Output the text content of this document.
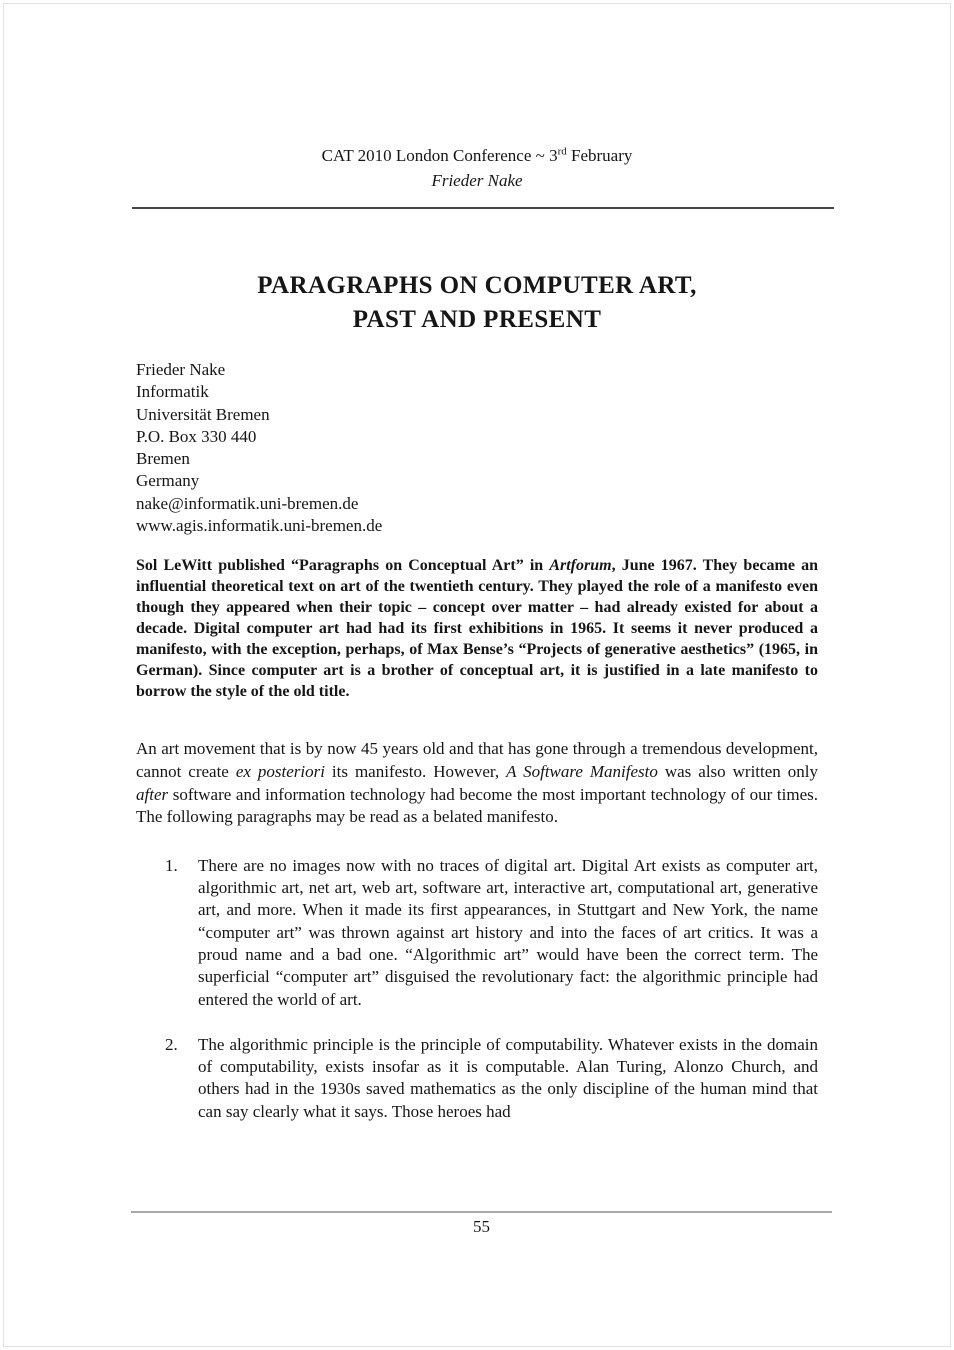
CAT 2010 London Conference ~ 3rd February
Frieder Nake
PARAGRAPHS ON COMPUTER ART,
PAST AND PRESENT
Frieder Nake
Informatik
Universität Bremen
P.O. Box 330 440
Bremen
Germany
nake@informatik.uni-bremen.de
www.agis.informatik.uni-bremen.de

Sol LeWitt published “Paragraphs on Conceptual Art” in Artforum, June 1967. They became an influential theoretical text on art of the twentieth century. They played the role of a manifesto even though they appeared when their topic – concept over matter – had already existed for about a decade. Digital computer art had had its first exhibitions in 1965. It seems it never produced a manifesto, with the exception, perhaps, of Max Bense’s “Projects of generative aesthetics” (1965, in German). Since computer art is a brother of conceptual art, it is justified in a late manifesto to borrow the style of the old title.

An art movement that is by now 45 years old and that has gone through a tremendous development, cannot create ex posteriori its manifesto. However, A Software Manifesto was also written only after software and information technology had become the most important technology of our times. The following paragraphs may be read as a belated manifesto.

1. There are no images now with no traces of digital art. Digital Art exists as computer art, algorithmic art, net art, web art, software art, interactive art, computational art, generative art, and more. When it made its first appearances, in Stuttgart and New York, the name “computer art” was thrown against art history and into the faces of art critics. It was a proud name and a bad one. “Algorithmic art” would have been the correct term. The superficial “computer art” disguised the revolutionary fact: the algorithmic principle had entered the world of art.
2. The algorithmic principle is the principle of computability. Whatever exists in the domain of computability, exists insofar as it is computable. Alan Turing, Alonzo Church, and others had in the 1930s saved mathematics as the only discipline of the human mind that can say clearly what it says. Those heroes had
55
